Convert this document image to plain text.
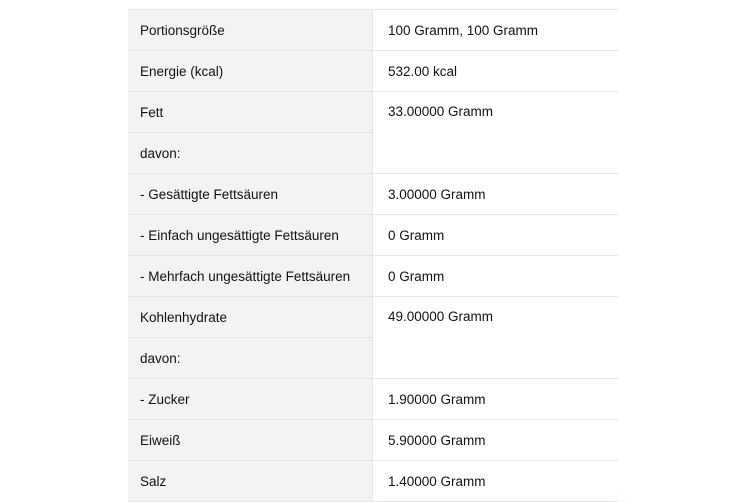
Portionsgröße	100 Gramm, 100 Gramm
Energie (kcal)	532.00 kcal
Fett	33.00000 Gramm
davon:	
- Gesättigte Fettsäuren	3.00000 Gramm
- Einfach ungesättigte Fettsäuren	0 Gramm
- Mehrfach ungesättigte Fettsäuren	0 Gramm
Kohlenhydrate	49.00000 Gramm
davon:	
- Zucker	1.90000 Gramm
Eiweiß	5.90000 Gramm
Salz	1.40000 Gramm
